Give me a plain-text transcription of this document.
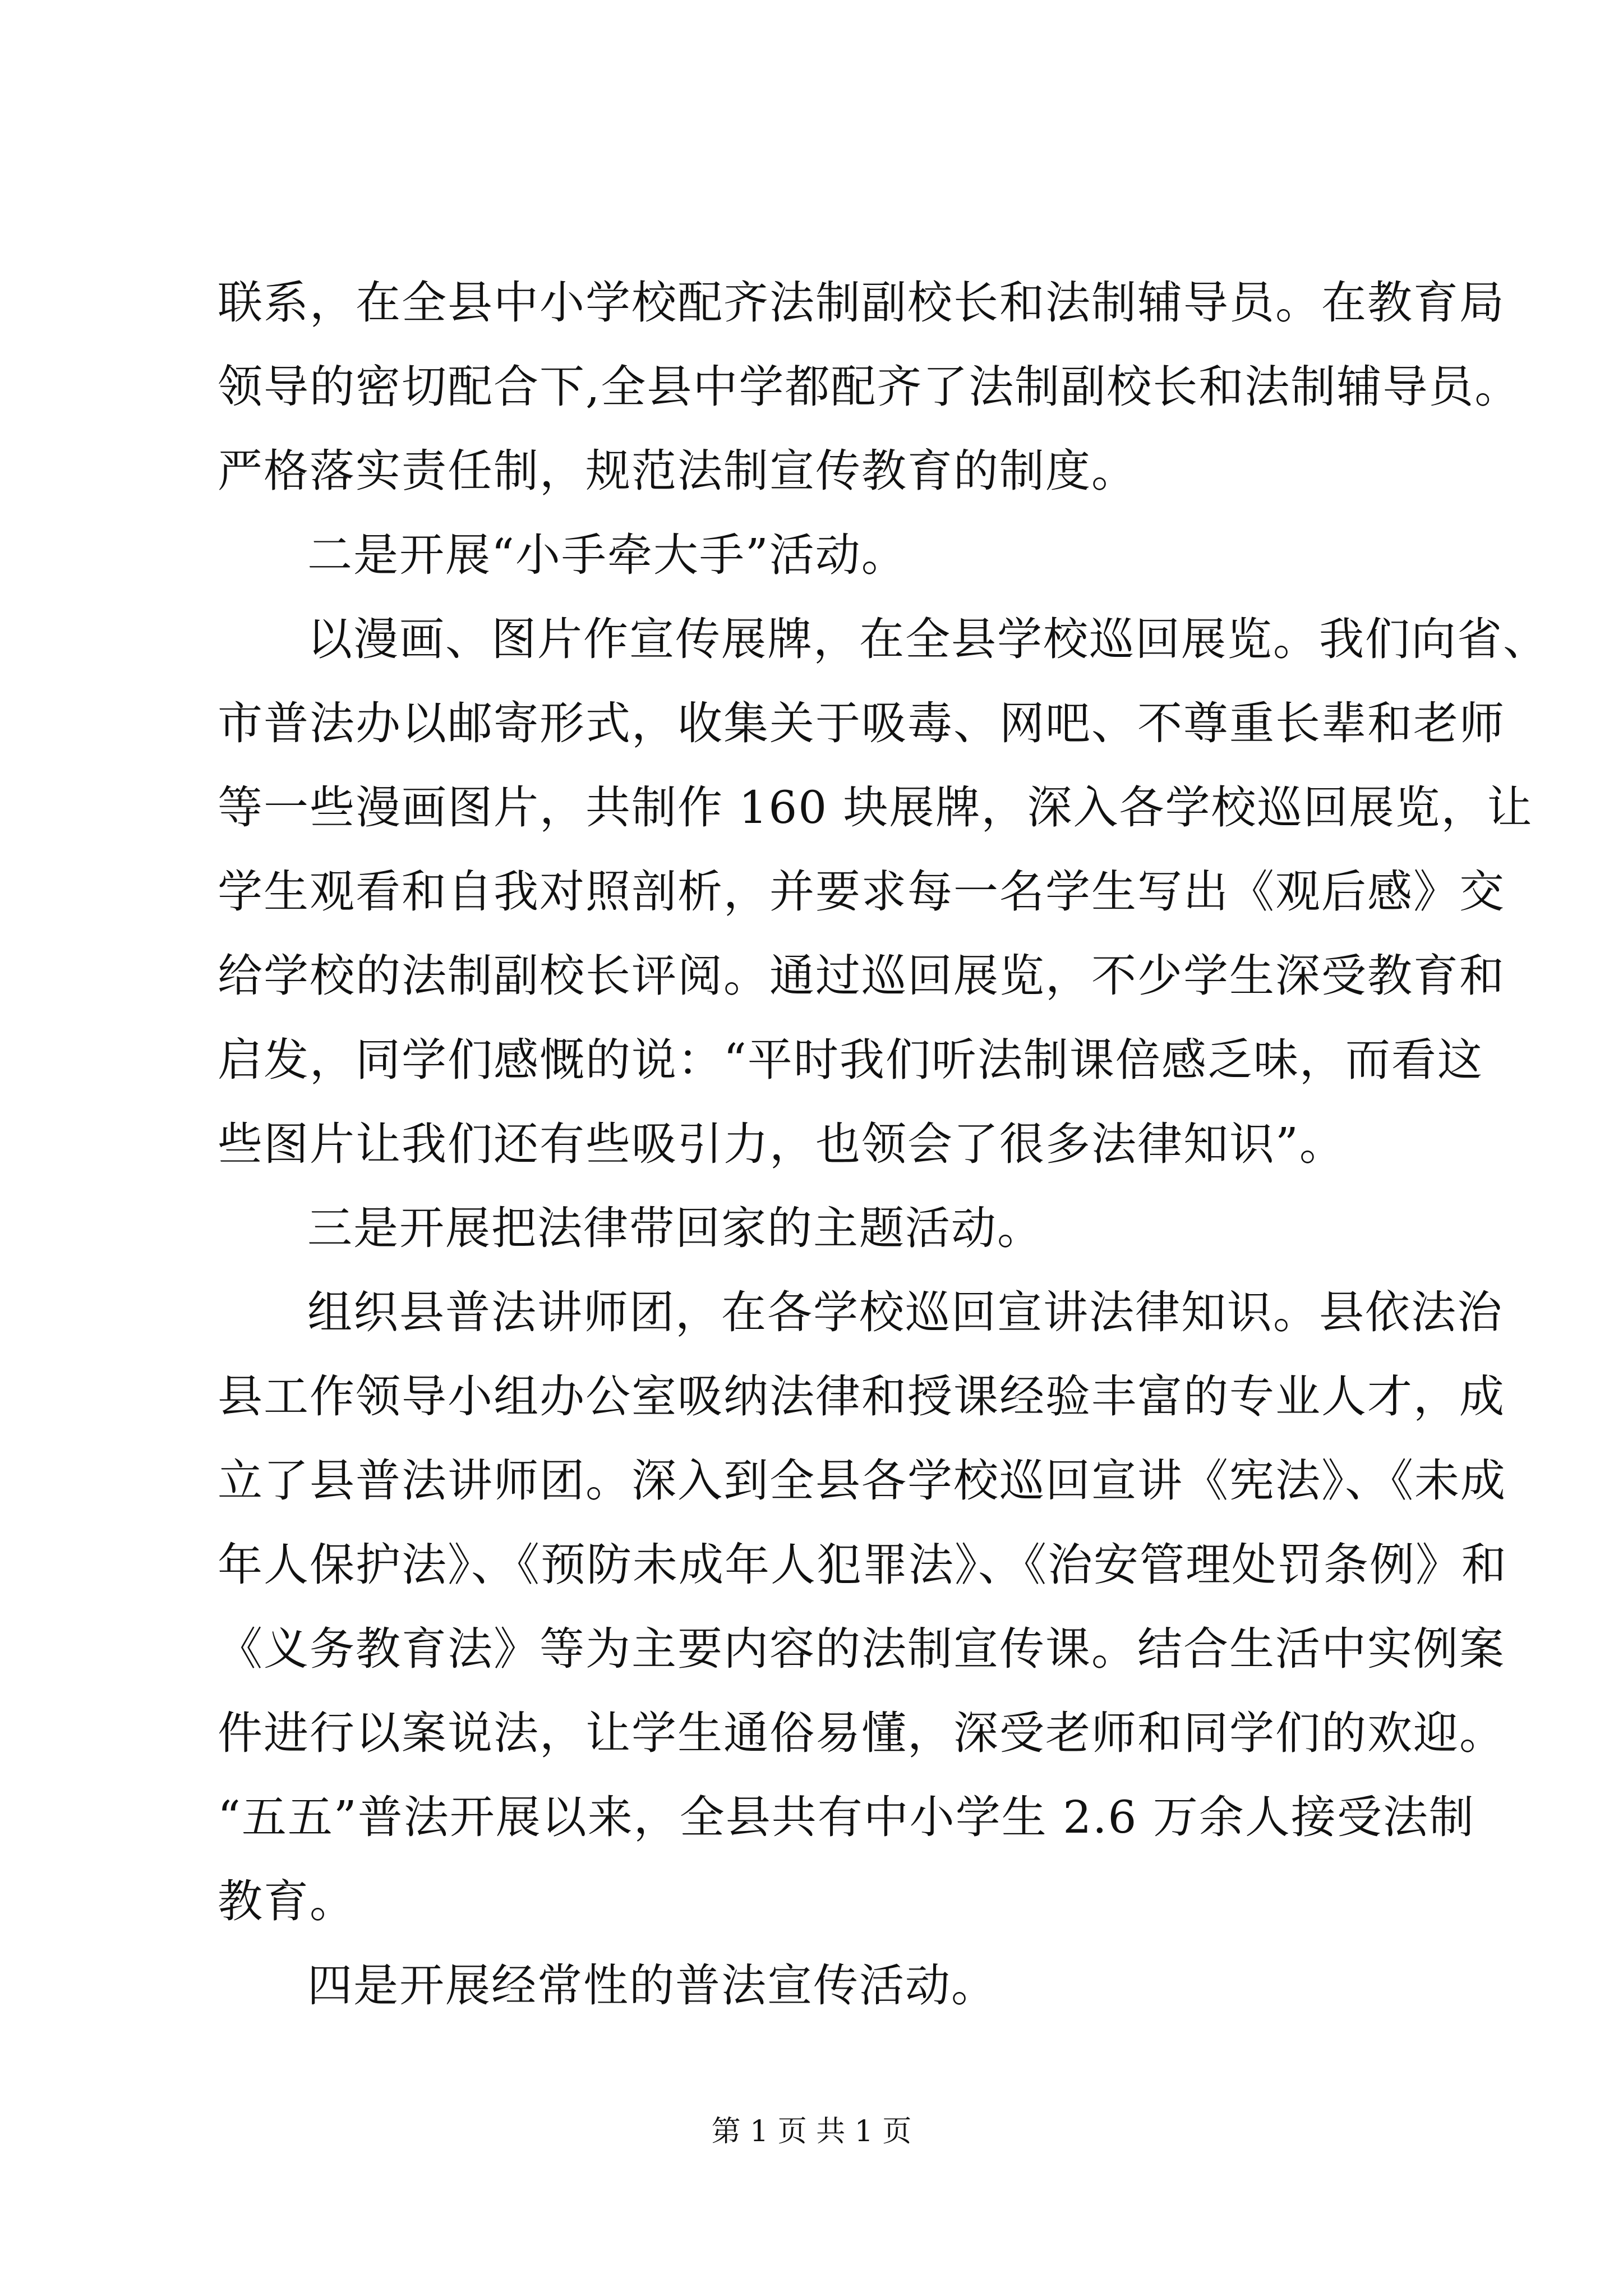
联系，在全县中小学校配齐法制副校长和法制辅导员。在教育局
领导的密切配合下,全县中学都配齐了法制副校长和法制辅导员。
严格落实责任制，规范法制宣传教育的制度。
二是开展“小手牵大手”活动。
以漫画、图片作宣传展牌，在全县学校巡回展览。我们向省、
市普法办以邮寄形式，收集关于吸毒、网吧、不尊重长辈和老师
等一些漫画图片，共制作 160 块展牌，深入各学校巡回展览，让
学生观看和自我对照剖析，并要求每一名学生写出《观后感》交
给学校的法制副校长评阅。通过巡回展览，不少学生深受教育和
启发，同学们感慨的说：“平时我们听法制课倍感乏味，而看这
些图片让我们还有些吸引力，也领会了很多法律知识”。
三是开展把法律带回家的主题活动。
组织县普法讲师团，在各学校巡回宣讲法律知识。县依法治
县工作领导小组办公室吸纳法律和授课经验丰富的专业人才，成
立了县普法讲师团。深入到全县各学校巡回宣讲《宪法》、《未成
年人保护法》、《预防未成年人犯罪法》、《治安管理处罚条例》和
《义务教育法》等为主要内容的法制宣传课。结合生活中实例案
件进行以案说法，让学生通俗易懂，深受老师和同学们的欢迎。
“五五”普法开展以来，全县共有中小学生 2.6 万余人接受法制
教育。
四是开展经常性的普法宣传活动。
第 1 页 共 1 页
